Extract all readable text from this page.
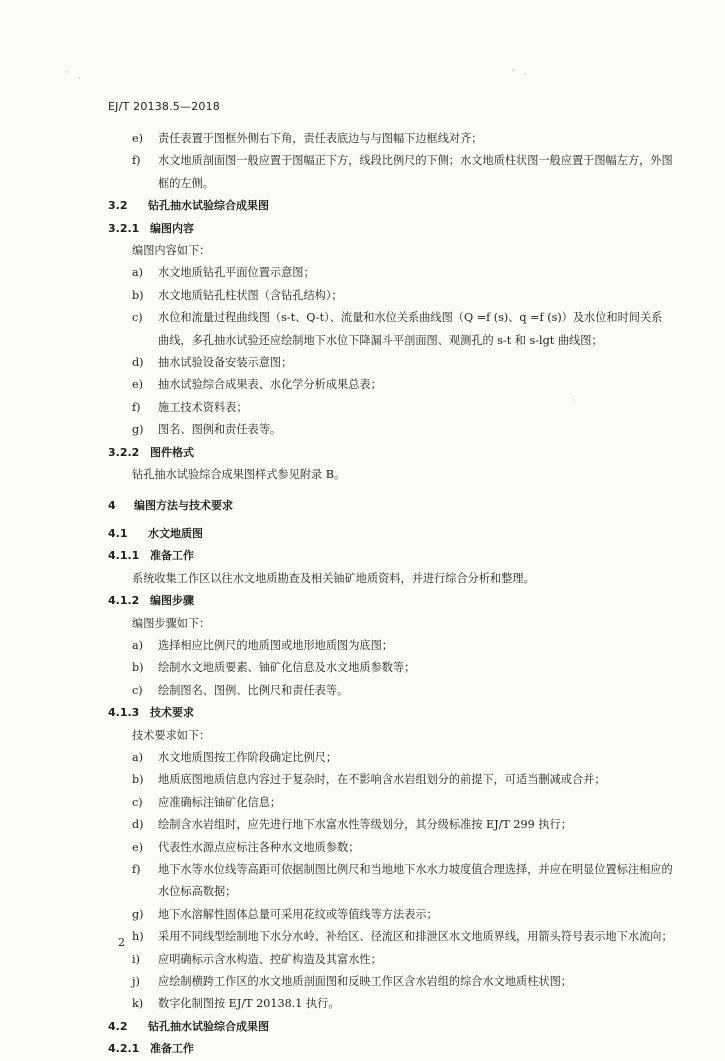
·
·
· ·
·
EJ/T 20138.5—2018
e)	责任表置于图框外侧右下角，责任表底边与与图幅下边框线对齐；
f)	水文地质剖面图一般应置于图幅正下方，线段比例尺的下侧；水文地质柱状图一般应置于图幅左方，外图框的左侧。
3.2 钻孔抽水试验综合成果图
3.2.1 编图内容
编图内容如下：
a)	水文地质钻孔平面位置示意图；
b)	水文地质钻孔柱状图（含钻孔结构）；
c)	水位和流量过程曲线图（s-t、Q-t）、流量和水位关系曲线图（Q =f (s)、q =f (s)）及水位和时间关系曲线，多孔抽水试验还应绘制地下水位下降漏斗平剖面图、观测孔的 s-t 和 s-lgt 曲线图；
d)	抽水试验设备安装示意图；
e)	抽水试验综合成果表、水化学分析成果总表；
f)	施工技术资料表；
g)	图名、图例和责任表等。
3.2.2 图件格式
钻孔抽水试验综合成果图样式参见附录 B。
4 编图方法与技术要求
4.1 水文地质图
4.1.1 准备工作
系统收集工作区以往水文地质勘查及相关铀矿地质资料，并进行综合分析和整理。
4.1.2 编图步骤
编图步骤如下：
a)	选择相应比例尺的地质图或地形地质图为底图；
b)	绘制水文地质要素、铀矿化信息及水文地质参数等；
c)	绘制图名、图例、比例尺和责任表等。
4.1.3 技术要求
技术要求如下：
a)	水文地质图按工作阶段确定比例尺；
b)	地质底图地质信息内容过于复杂时，在不影响含水岩组划分的前提下，可适当删减或合并；
c)	应准确标注铀矿化信息；
d)	绘制含水岩组时，应先进行地下水富水性等级划分，其分级标准按 EJ/T 299 执行；
e)	代表性水源点应标注各种水文地质参数；
f)	地下水等水位线等高距可依据制图比例尺和当地地下水水力坡度值合理选择，并应在明显位置标注相应的水位标高数据；
g)	地下水溶解性固体总量可采用花纹或等值线等方法表示；
h)	采用不同线型绘制地下水分水岭、补给区、径流区和排泄区水文地质界线，用箭头符号表示地下水流向；
i)	应明确标示含水构造、控矿构造及其富水性；
j)	应绘制横跨工作区的水文地质剖面图和反映工作区含水岩组的综合水文地质柱状图；
k)	数字化制图按 EJ/T 20138.1 执行。
4.2 钻孔抽水试验综合成果图
4.2.1 准备工作
2
